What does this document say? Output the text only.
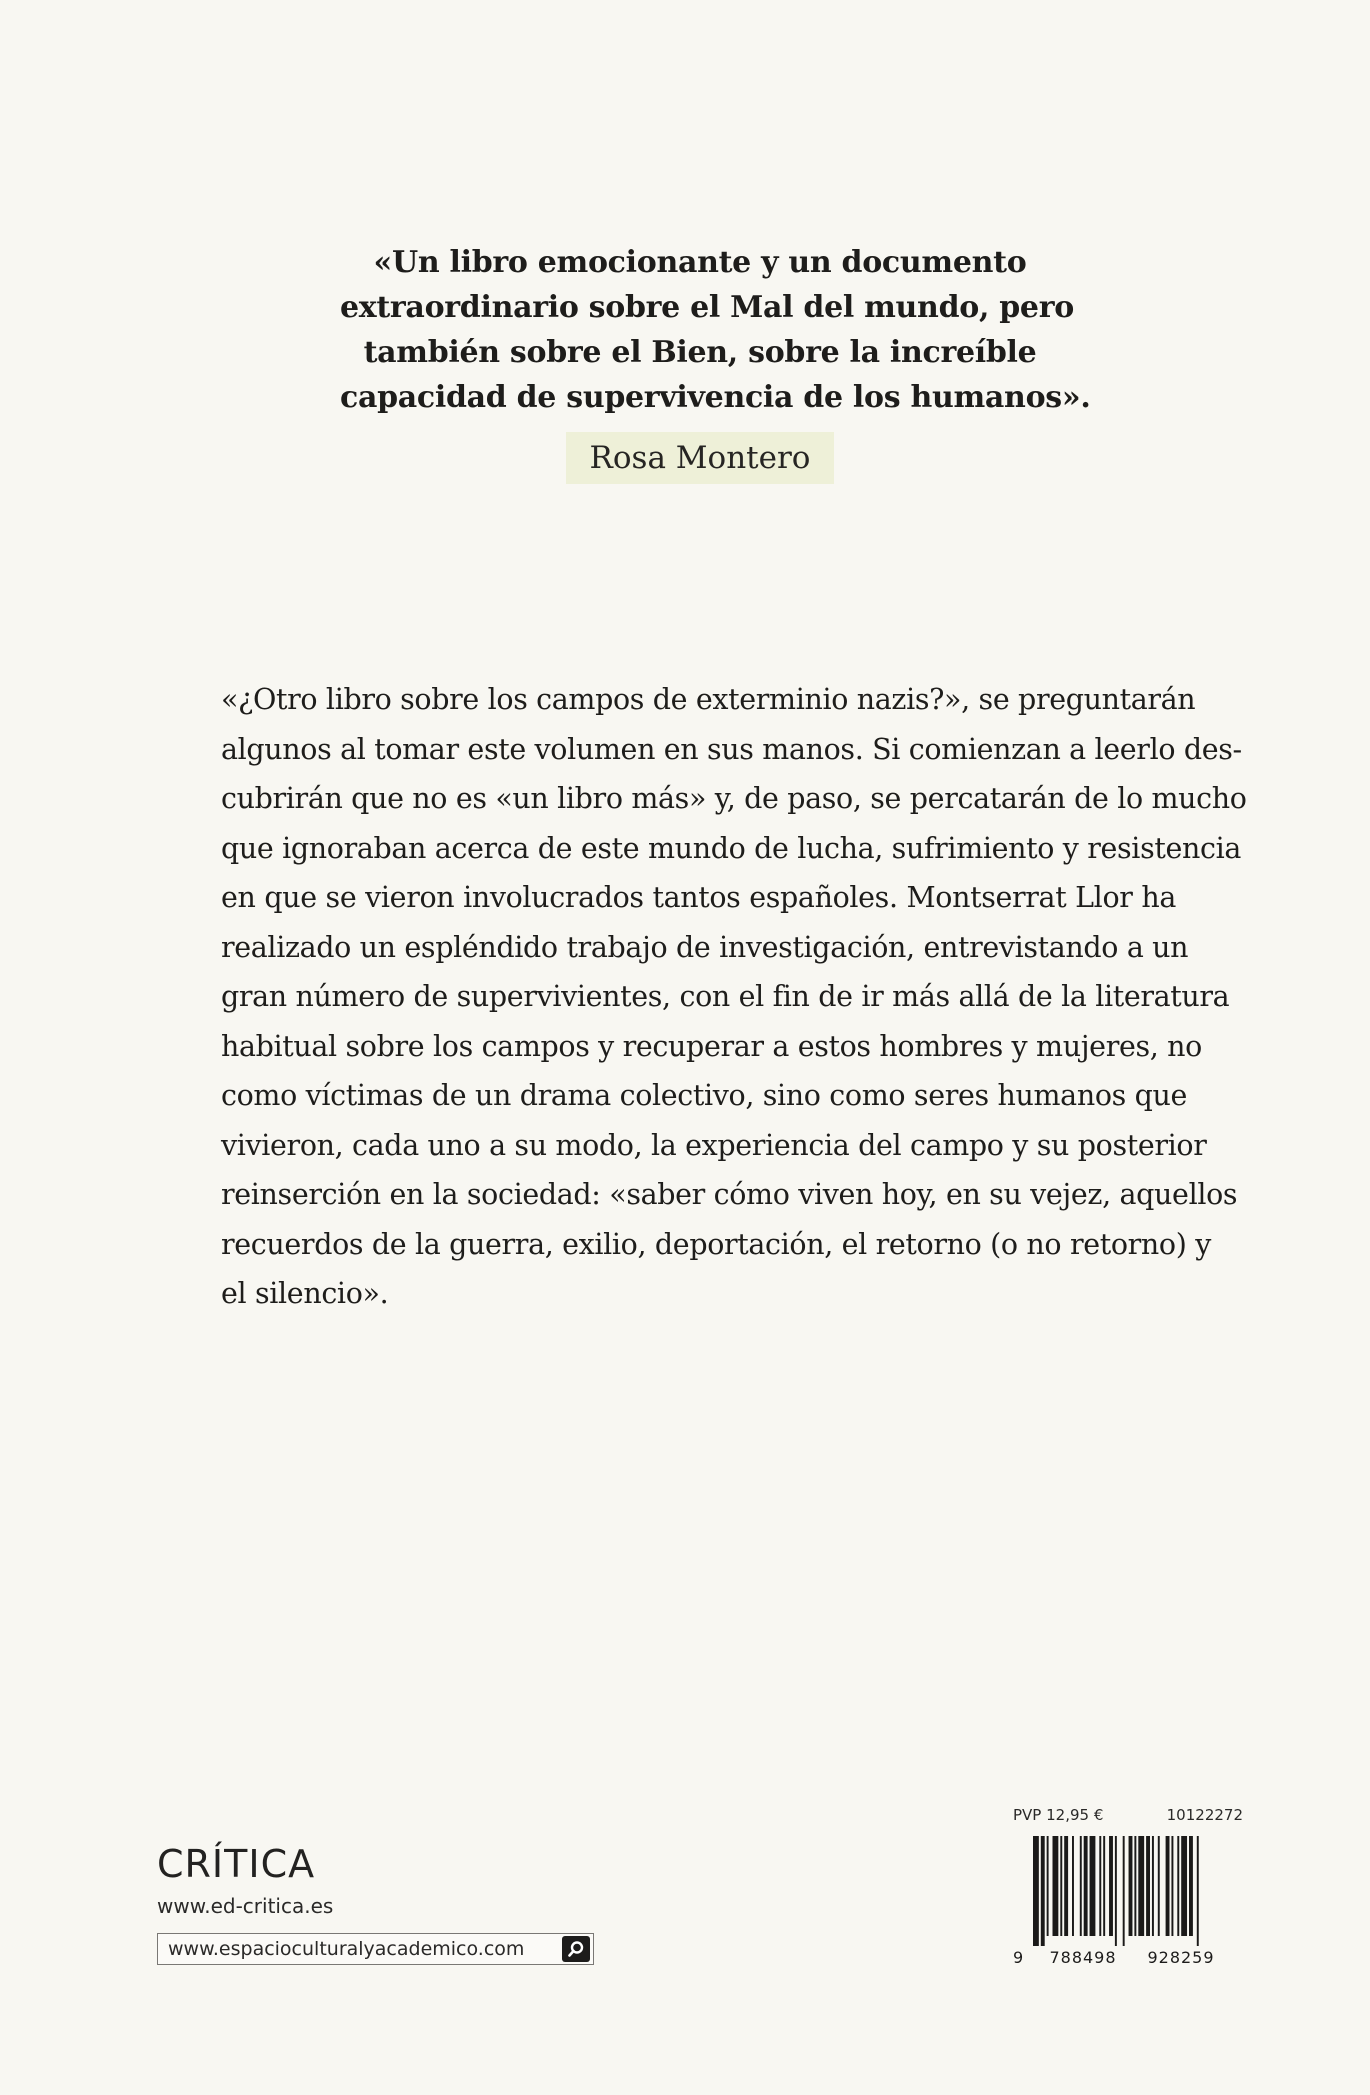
«Un libro emocionante y un documento
extraordinario sobre el Mal del mundo, pero
también sobre el Bien, sobre la increíble
capacidad de supervivencia de los humanos».
Rosa Montero
«¿Otro libro sobre los campos de exterminio nazis?», se preguntarán
algunos al tomar este volumen en sus manos. Si comienzan a leerlo des-
cubrirán que no es «un libro más» y, de paso, se percatarán de lo mucho
que ignoraban acerca de este mundo de lucha, sufrimiento y resistencia
en que se vieron involucrados tantos españoles. Montserrat Llor ha
realizado un espléndido trabajo de investigación, entrevistando a un
gran número de supervivientes, con el fin de ir más allá de la literatura
habitual sobre los campos y recuperar a estos hombres y mujeres, no
como víctimas de un drama colectivo, sino como seres humanos que
vivieron, cada uno a su modo, la experiencia del campo y su posterior
reinserción en la sociedad: «saber cómo viven hoy, en su vejez, aquellos
recuerdos de la guerra, exilio, deportación, el retorno (o no retorno) y
el silencio».
CRÍTICA
www.ed-critica.es
www.espacioculturalyacademico.com
PVP 12,95 €	10122272
9	788498	928259
